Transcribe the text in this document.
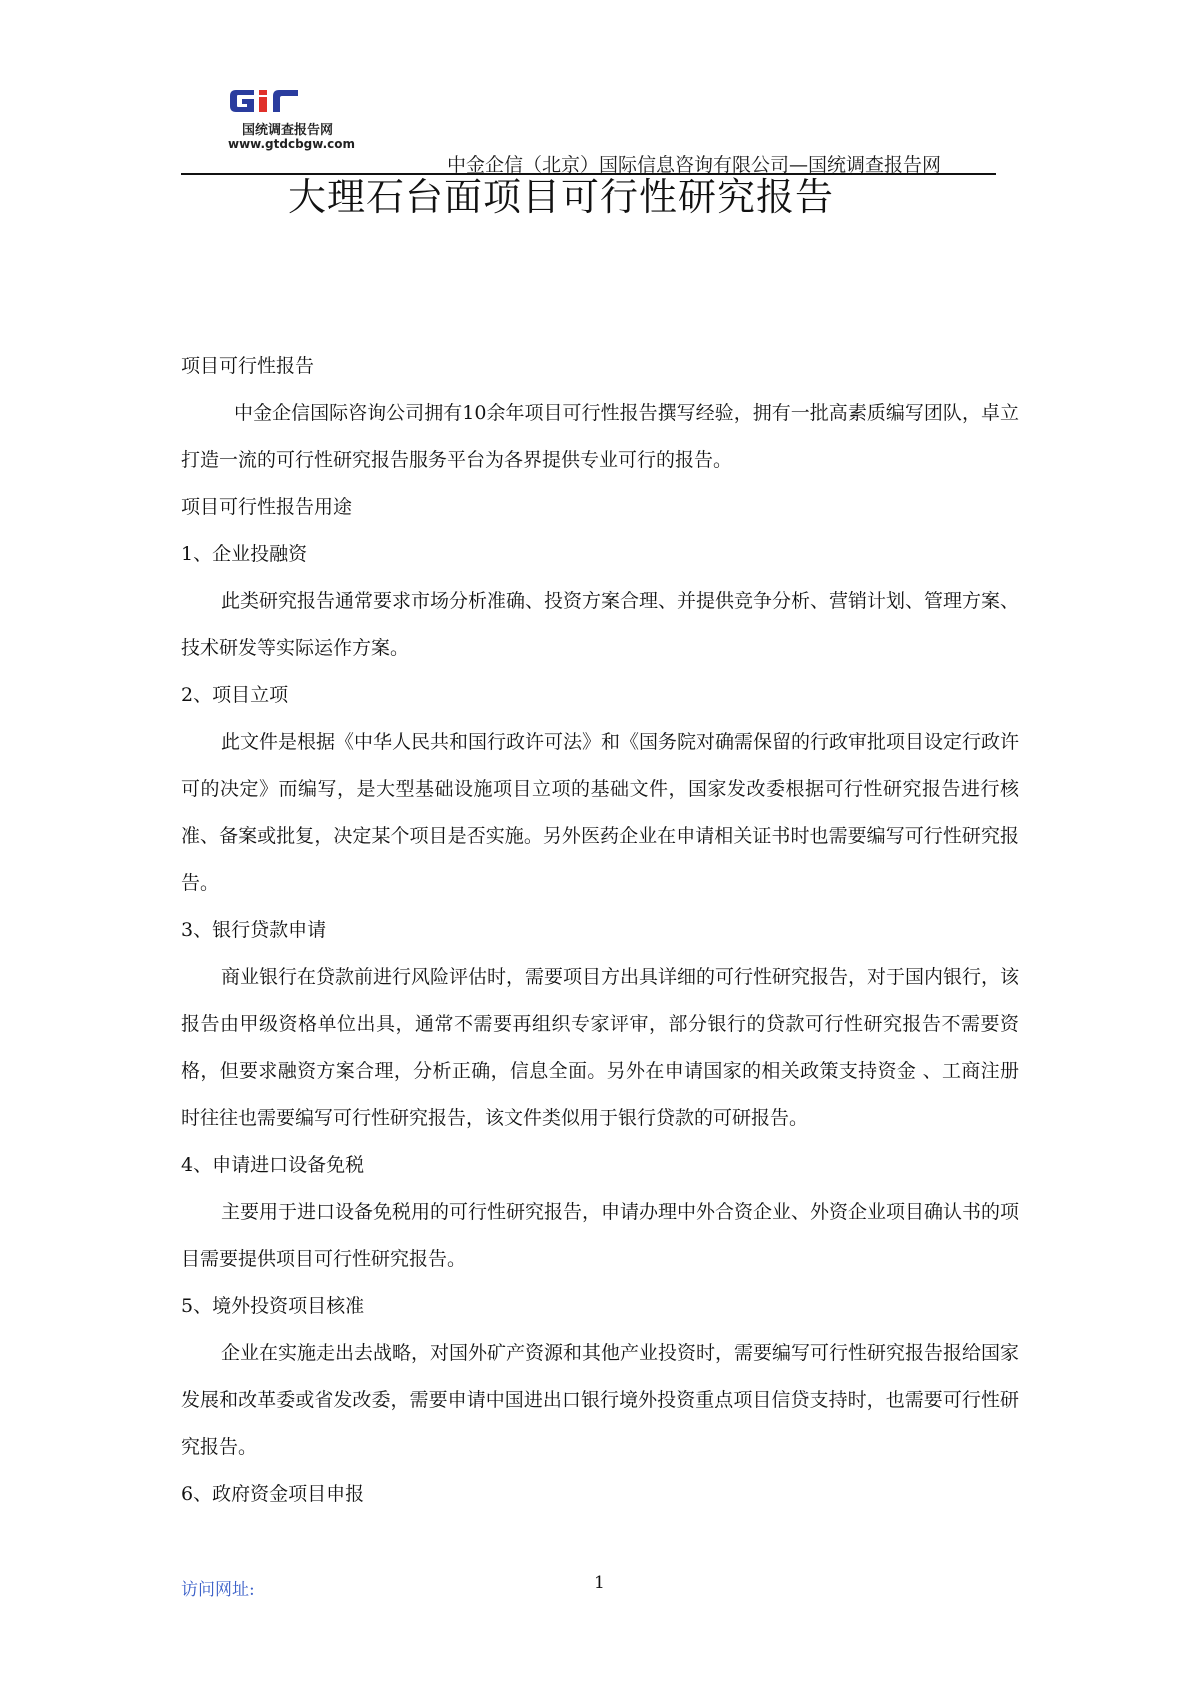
国统调查报告网
www.gtdcbgw.com
中金企信（北京）国际信息咨询有限公司—国统调查报告网
大理石台面项目可行性研究报告

项目可行性报告

中金企信国际咨询公司拥有10余年项目可行性报告撰写经验，拥有一批高素质编写团队，卓立打造一流的可行性研究报告服务平台为各界提供专业可行的报告。

项目可行性报告用途

1、企业投融资

此类研究报告通常要求市场分析准确、投资方案合理、并提供竞争分析、营销计划、管理方案、技术研发等实际运作方案。

2、项目立项

此文件是根据《中华人民共和国行政许可法》和《国务院对确需保留的行政审批项目设定行政许可的决定》而编写，是大型基础设施项目立项的基础文件，国家发改委根据可行性研究报告进行核准、备案或批复，决定某个项目是否实施。另外医药企业在申请相关证书时也需要编写可行性研究报告。

3、银行贷款申请

商业银行在贷款前进行风险评估时，需要项目方出具详细的可行性研究报告，对于国内银行，该报告由甲级资格单位出具，通常不需要再组织专家评审，部分银行的贷款可行性研究报告不需要资格，但要求融资方案合理，分析正确，信息全面。另外在申请国家的相关政策支持资金 、工商注册时往往也需要编写可行性研究报告，该文件类似用于银行贷款的可研报告。

4、申请进口设备免税

主要用于进口设备免税用的可行性研究报告，申请办理中外合资企业、外资企业项目确认书的项目需要提供项目可行性研究报告。

5、境外投资项目核准

企业在实施走出去战略，对国外矿产资源和其他产业投资时，需要编写可行性研究报告报给国家发展和改革委或省发改委，需要申请中国进出口银行境外投资重点项目信贷支持时，也需要可行性研究报告。

6、政府资金项目申报

访问网址:	1
